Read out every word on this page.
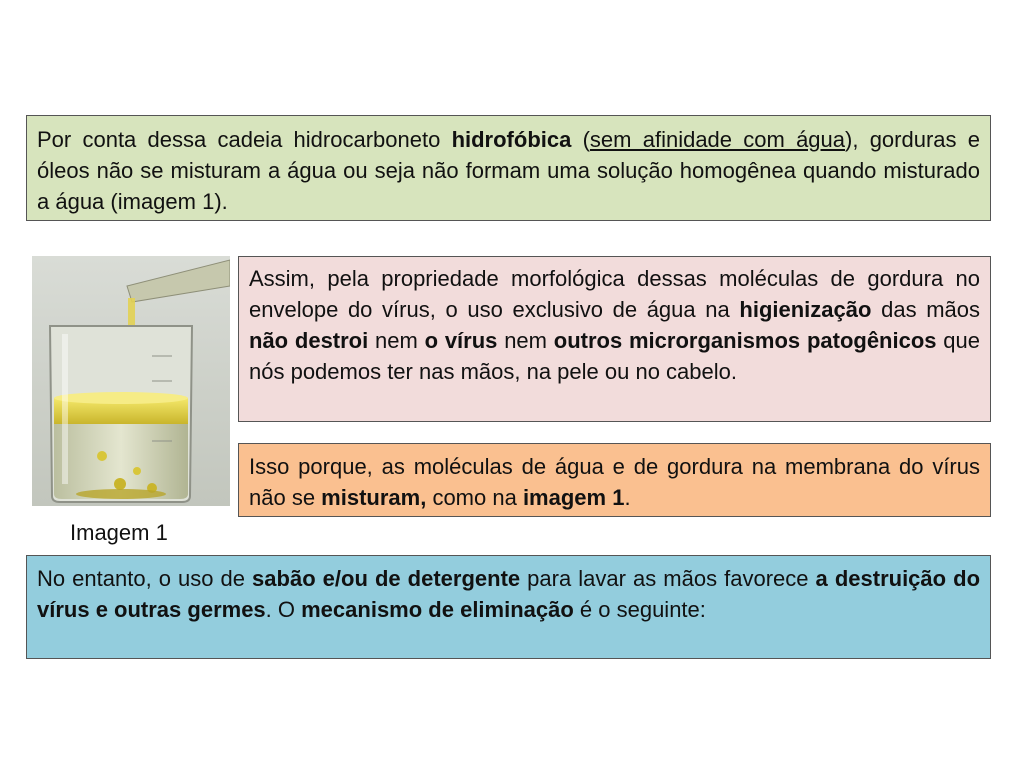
Por conta dessa cadeia hidrocarboneto hidrofóbica (sem afinidade com água), gorduras e óleos não se misturam a água ou seja não formam uma solução homogênea quando misturado a água (imagem 1).
Imagem 1
Assim, pela propriedade morfológica dessas moléculas de gordura no envelope do vírus, o uso exclusivo de água na higienização das mãos não destroi nem o vírus nem outros microrganismos patogênicos que nós podemos ter nas mãos, na pele ou no cabelo.
Isso porque, as moléculas de água e de gordura na membrana do vírus não se misturam, como na imagem 1.
No entanto, o uso de sabão e/ou de detergente para lavar as mãos favorece a destruição do vírus e outras germes. O mecanismo de eliminação é o seguinte:
